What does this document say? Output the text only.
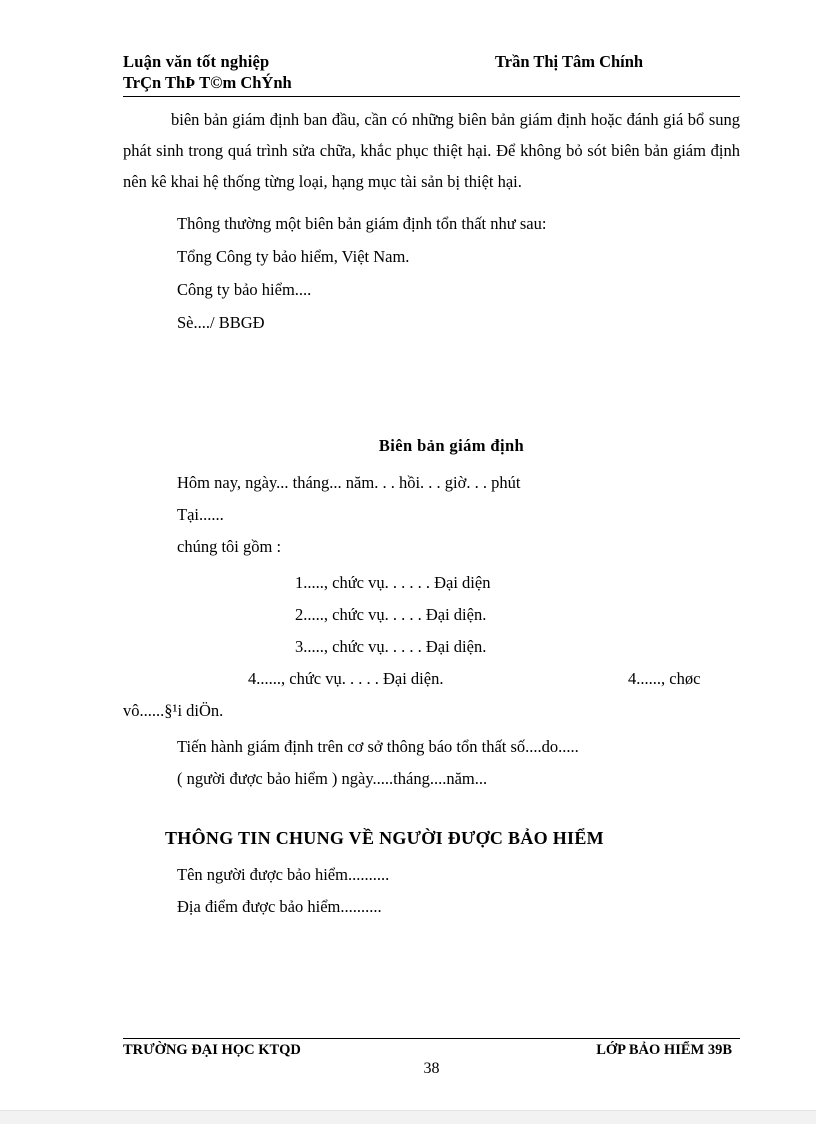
Luận văn tốt nghiệp	Trần Thị Tâm Chính
TrÇn ThÞ T©m ChÝnh

biên bản giám định ban đầu, cần có những biên bản giám định hoặc đánh giá bổ sung phát sinh trong quá trình sửa chữa, khắc phục thiệt hại. Để không bỏ sót biên bản giám định nên kê khai hệ thống từng loại, hạng mục tài sản bị thiệt hại.

Thông thường một biên bản giám định tổn thất như sau:

Tổng Công ty bảo hiểm, Việt Nam.

Công ty bảo hiểm....

Sè..../ BBGĐ

Biên bản giám định

Hôm nay, ngày... tháng... năm. . . hồi. . . giờ. . . phút

Tại......

chúng tôi gồm :

1....., chức vụ. . . . . . Đại diện

2....., chức vụ. . . . . Đại diện.

3....., chức vụ. . . . . Đại diện.

4......, chức vụ. . . . . Đại diện.	4......, chøc

vô......§¹i diÖn.

Tiến hành giám định trên cơ sở thông báo tổn thất số....do.....

( người được bảo hiểm ) ngày.....tháng....năm...

THÔNG TIN CHUNG VỀ NGƯỜI ĐƯỢC BẢO HIỂM

Tên người được bảo hiểm..........

Địa điểm được bảo hiểm..........

TRƯỜNG ĐẠI HỌC KTQD	LỚP BẢO HIỂM 39B
38
